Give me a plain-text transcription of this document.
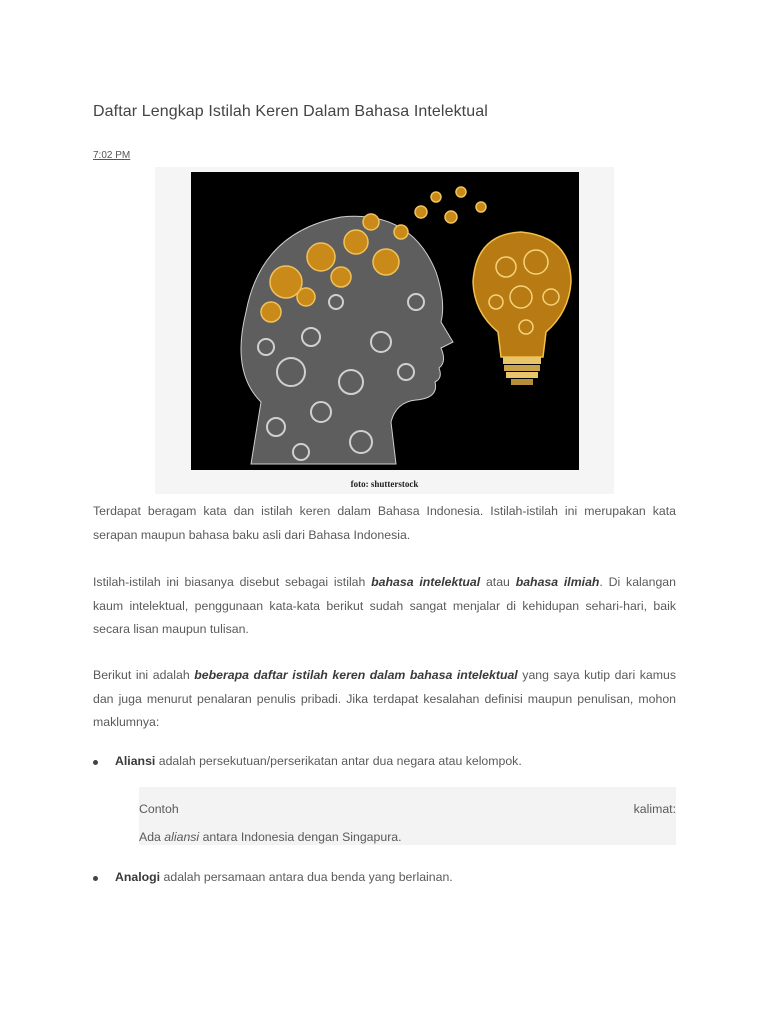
Daftar Lengkap Istilah Keren Dalam Bahasa Intelektual
7:02 PM
foto: shutterstock

Terdapat beragam kata dan istilah keren dalam Bahasa Indonesia. Istilah-istilah ini merupakan kata serapan maupun bahasa baku asli dari Bahasa Indonesia.

Istilah-istilah ini biasanya disebut sebagai istilah bahasa intelektual atau bahasa ilmiah. Di kalangan kaum intelektual, penggunaan kata-kata berikut sudah sangat menjalar di kehidupan sehari-hari, baik secara lisan maupun tulisan.

Berikut ini adalah beberapa daftar istilah keren dalam bahasa intelektual yang saya kutip dari kamus dan juga menurut penalaran penulis pribadi. Jika terdapat kesalahan definisi maupun penulisan, mohon maklumnya:

Aliansi adalah persekutuan/perserikatan antar dua negara atau kelompok.
Contoh	kalimat:
Ada aliansi antara Indonesia dengan Singapura.
Analogi adalah persamaan antara dua benda yang berlainan.
